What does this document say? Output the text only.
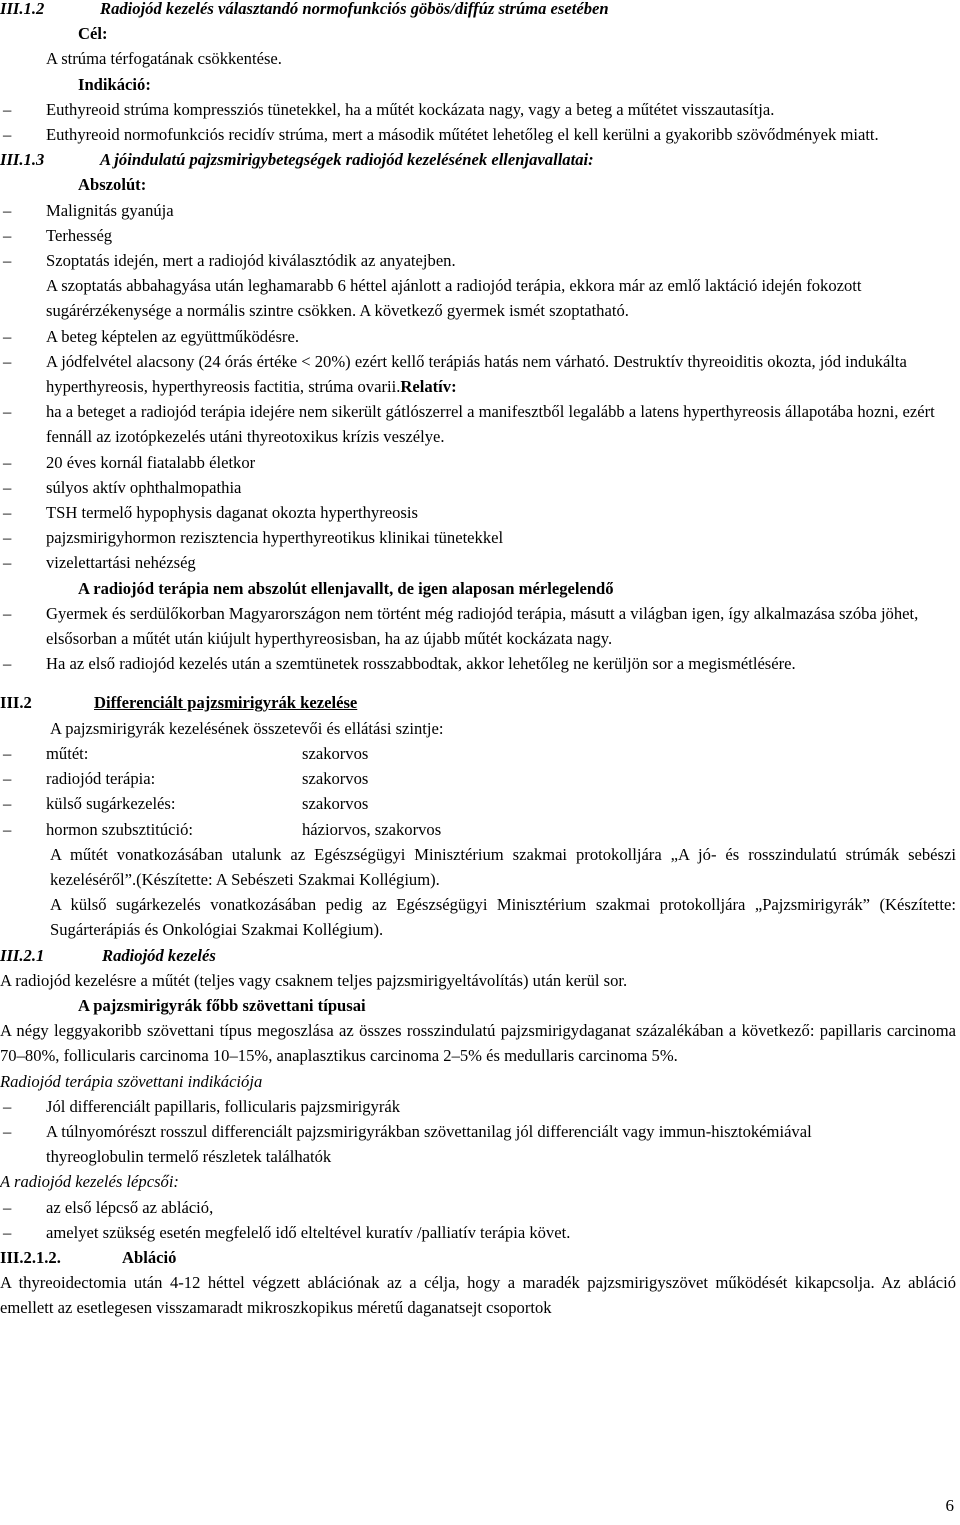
III.1.2	Radiojód kezelés választandó normofunkciós göbös/diffúz strúma esetében
Cél:
A strúma térfogatának csökkentése.
Indikáció:
– Euthyreoid strúma kompressziós tünetekkel, ha a műtét kockázata nagy, vagy a beteg a műtétet visszautasítja.
– Euthyreoid normofunkciós recidív strúma, mert a második műtétet lehetőleg el kell kerülni a gyakoribb szövődmények miatt.
III.1.3	A jóindulatú pajzsmirigybetegségek radiojód kezelésének ellenjavallatai:
Abszolút:
– Malignitás gyanúja
– Terhesség
– Szoptatás idején, mert a radiojód kiválasztódik az anyatejben.
A szoptatás abbahagyása után leghamarabb 6 héttel ajánlott a radiojód terápia, ekkora már az emlő laktáció idején fokozott sugárérzékenysége a normális szintre csökken. A következő gyermek ismét szoptatható.
– A beteg képtelen az együttműködésre.
– A jódfelvétel alacsony (24 órás értéke < 20%) ezért kellő terápiás hatás nem várható. Destruktív thyreoiditis okozta, jód indukálta hyperthyreosis, hyperthyreosis factitia, strúma ovarii.Relatív:
– ha a beteget a radiojód terápia idejére nem sikerült gátlószerrel a manifesztből legalább a latens hyperthyreosis állapotába hozni, ezért fennáll az izotópkezelés utáni thyreotoxikus krízis veszélye.
– 20 éves kornál fiatalabb életkor
– súlyos aktív ophthalmopathia
– TSH termelő hypophysis daganat okozta hyperthyreosis
– pajzsmirigyhormon rezisztencia hyperthyreotikus klinikai tünetekkel
– vizelettartási nehézség
A radiojód terápia nem abszolút ellenjavallt, de igen alaposan mérlegelendő
– Gyermek és serdülőkorban Magyarországon nem történt még radiojód terápia, másutt a világban igen, így alkalmazása szóba jöhet, elsősorban a műtét után kiújult hyperthyreosisban, ha az újabb műtét kockázata nagy.
– Ha az első radiojód kezelés után a szemtünetek rosszabbodtak, akkor lehetőleg ne kerüljön sor a megismétlésére.
III.2	Differenciált pajzsmirigyrák kezelése
A pajzsmirigyrák kezelésének összetevői és ellátási szintje:
– műtét:	szakorvos
– radiojód terápia:	szakorvos
– külső sugárkezelés:	szakorvos
– hormon szubsztitúció:	háziorvos, szakorvos
A műtét vonatkozásában utalunk az Egészségügyi Minisztérium szakmai protokolljára „A jó- és rosszindulatú strúmák sebészi kezeléséről”.(Készítette: A Sebészeti Szakmai Kollégium).
A külső sugárkezelés vonatkozásában pedig az Egészségügyi Minisztérium szakmai protokolljára „Pajzsmirigyrák” (Készítette: Sugárterápiás és Onkológiai Szakmai Kollégium).
III.2.1	Radiojód kezelés
A radiojód kezelésre a műtét (teljes vagy csaknem teljes pajzsmirigyeltávolítás) után kerül sor.
A pajzsmirigyrák főbb szövettani típusai
A négy leggyakoribb szövettani típus megoszlása az összes rosszindulatú pajzsmirigydaganat százalékában a következő: papillaris carcinoma 70–80%, follicularis carcinoma 10–15%, anaplasztikus carcinoma 2–5% és medullaris carcinoma 5%.
Radiojód terápia szövettani indikációja
– Jól differenciált papillaris, follicularis pajzsmirigyrák
– A túlnyomórészt rosszul differenciált pajzsmirigyrákban szövettanilag jól differenciált vagy immun-hisztokémiával thyreoglobulin termelő részletek találhatók
A radiojód kezelés lépcsői:
– az első lépcső az abláció,
– amelyet szükség esetén megfelelő idő elteltével kuratív /palliatív terápia követ.
III.2.1.2.	Abláció
A thyreoidectomia után 4-12 héttel végzett ablációnak az a célja, hogy a maradék pajzsmirigyszövet működését kikapcsolja. Az abláció emellett az esetlegesen visszamaradt mikroszkopikus méretű daganatsejt csoportok
6
